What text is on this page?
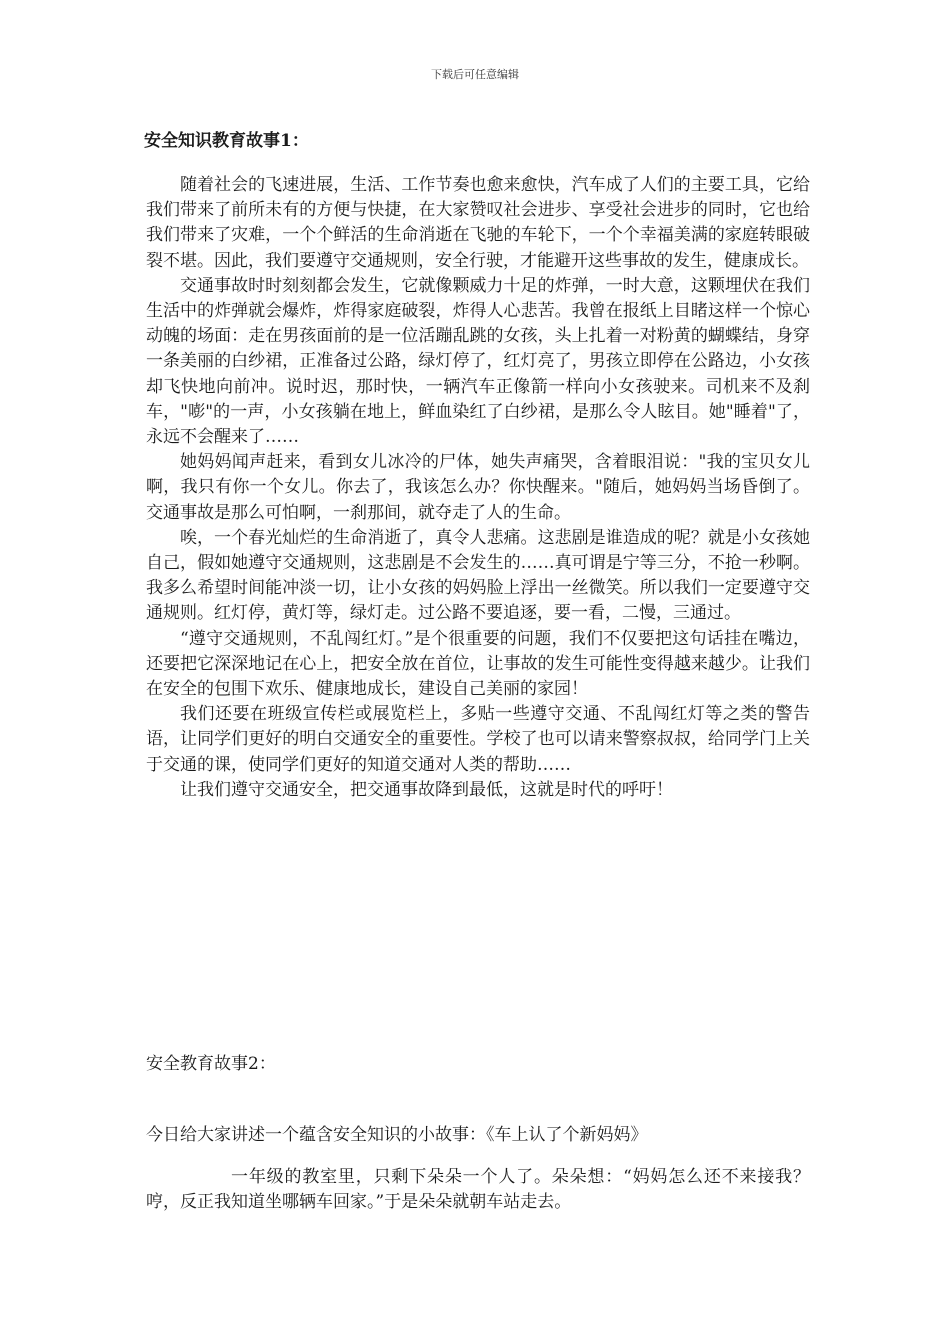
下载后可任意编辑
安全知识教育故事1：

随着社会的飞速进展，生活、工作节奏也愈来愈快，汽车成了人们的主要工具，它给我们带来了前所未有的方便与快捷，在大家赞叹社会进步、享受社会进步的同时，它也给我们带来了灾难，一个个鲜活的生命消逝在飞驰的车轮下，一个个幸福美满的家庭转眼破裂不堪。因此，我们要遵守交通规则，安全行驶，才能避开这些事故的发生，健康成长。

交通事故时时刻刻都会发生，它就像颗威力十足的炸弹，一时大意，这颗埋伏在我们生活中的炸弹就会爆炸，炸得家庭破裂，炸得人心悲苦。我曾在报纸上目睹这样一个惊心动魄的场面：走在男孩面前的是一位活蹦乱跳的女孩，头上扎着一对粉黄的蝴蝶结，身穿一条美丽的白纱裙，正准备过公路，绿灯停了，红灯亮了，男孩立即停在公路边，小女孩却飞快地向前冲。说时迟，那时快，一辆汽车正像箭一样向小女孩驶来。司机来不及刹车，"嘭"的一声，小女孩躺在地上，鲜血染红了白纱裙，是那么令人眩目。她"睡着"了，永远不会醒来了……

她妈妈闻声赶来，看到女儿冰冷的尸体，她失声痛哭，含着眼泪说："我的宝贝女儿啊，我只有你一个女儿。你去了，我该怎么办？你快醒来。"随后，她妈妈当场昏倒了。交通事故是那么可怕啊，一刹那间，就夺走了人的生命。

唉，一个春光灿烂的生命消逝了，真令人悲痛。这悲剧是谁造成的呢？就是小女孩她自己，假如她遵守交通规则，这悲剧是不会发生的……真可谓是宁等三分，不抢一秒啊。我多么希望时间能冲淡一切，让小女孩的妈妈脸上浮出一丝微笑。所以我们一定要遵守交通规则。红灯停，黄灯等，绿灯走。过公路不要追逐，要一看，二慢，三通过。

“遵守交通规则，不乱闯红灯。”是个很重要的问题，我们不仅要把这句话挂在嘴边，还要把它深深地记在心上，把安全放在首位，让事故的发生可能性变得越来越少。让我们在安全的包围下欢乐、健康地成长，建设自己美丽的家园！

我们还要在班级宣传栏或展览栏上，多贴一些遵守交通、不乱闯红灯等之类的警告语，让同学们更好的明白交通安全的重要性。学校了也可以请来警察叔叔，给同学门上关于交通的课，使同学们更好的知道交通对人类的帮助……

让我们遵守交通安全，把交通事故降到最低，这就是时代的呼吁！

安全教育故事2：
今日给大家讲述一个蕴含安全知识的小故事：《车上认了个新妈妈》

一年级的教室里，只剩下朵朵一个人了。朵朵想：“妈妈怎么还不来接我？哼，反正我知道坐哪辆车回家。”于是朵朵就朝车站走去。
